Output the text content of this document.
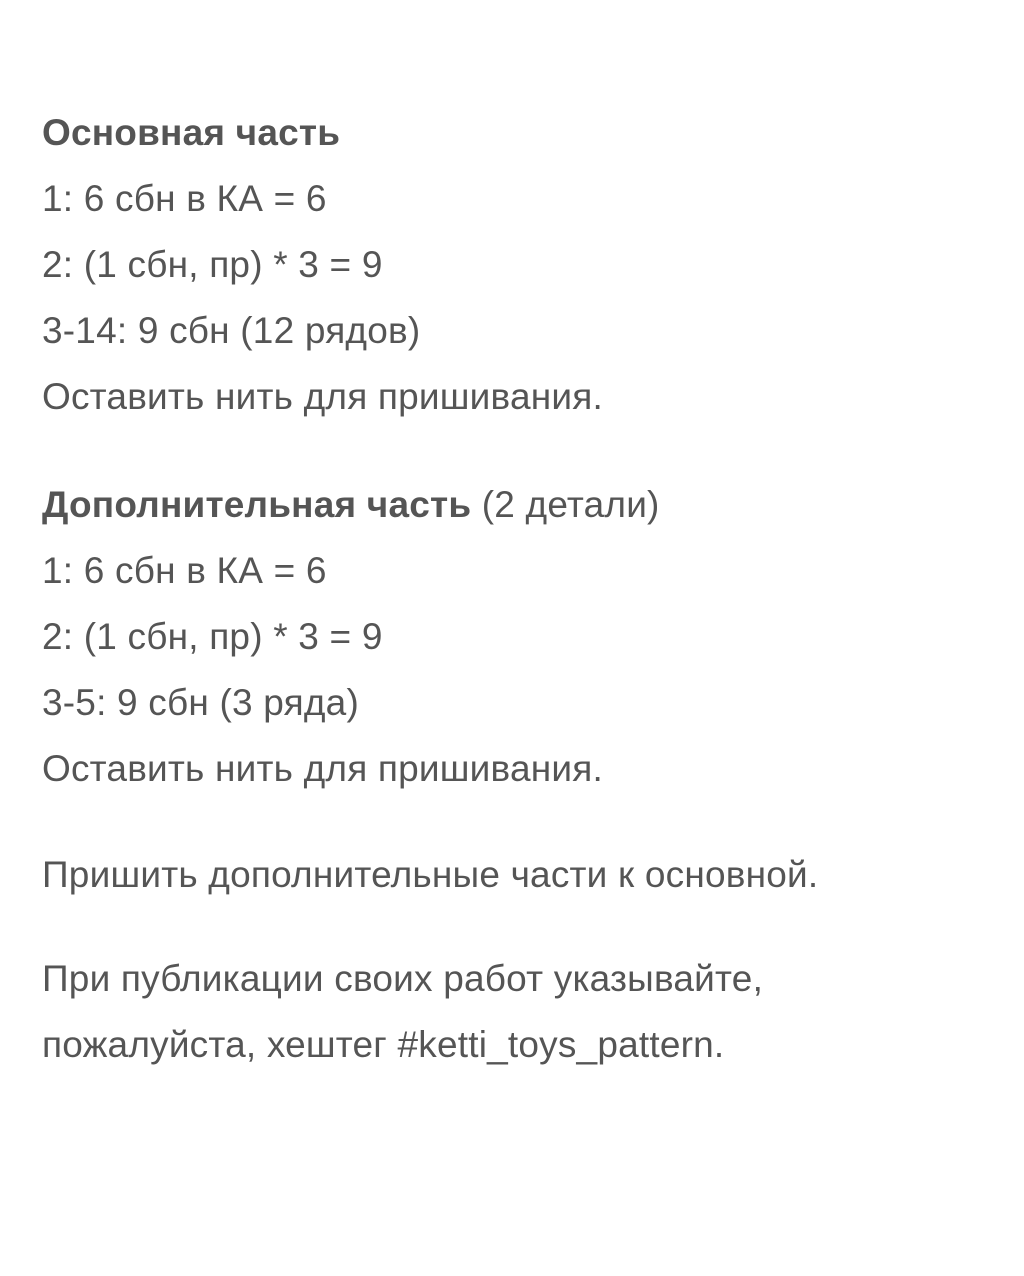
Основная часть
1: 6 сбн в КА = 6
2: (1 сбн, пр) * 3 = 9
3-14: 9 сбн (12 рядов)
Оставить нить для пришивания.
Дополнительная часть (2 детали)
1: 6 сбн в КА = 6
2: (1 сбн, пр) * 3 = 9
3-5: 9 сбн (3 ряда)
Оставить нить для пришивания.
Пришить дополнительные части к основной.
При публикации своих работ указывайте,
пожалуйста, хештег #ketti_toys_pattern.
